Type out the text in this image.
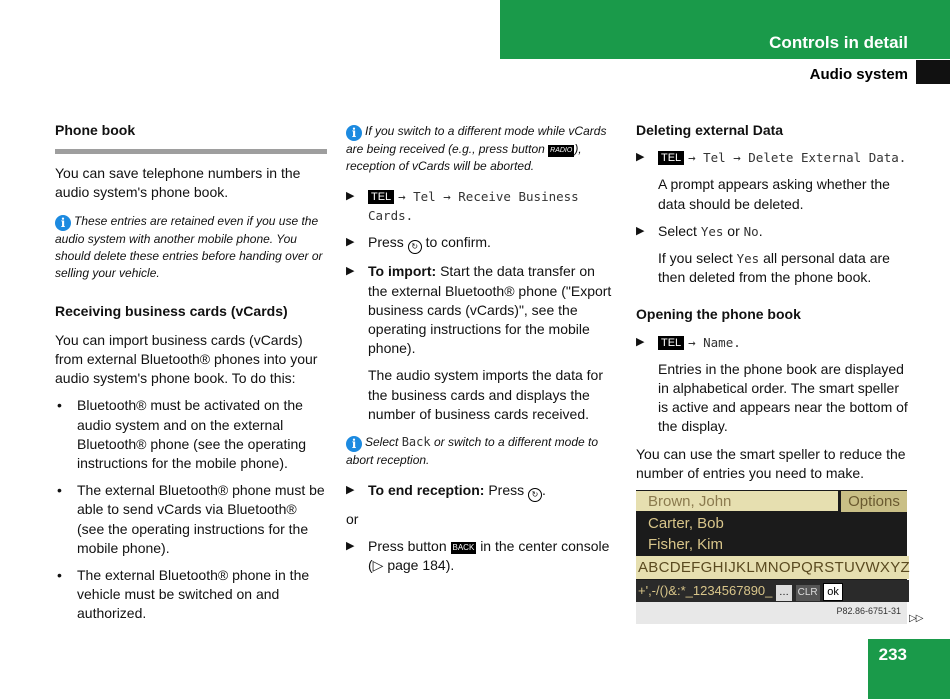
Controls in detail
Audio system

Phone book

You can save telephone numbers in the audio system's phone book.

i These entries are retained even if you use the audio system with another mobile phone. You should delete these entries before handing over or selling your vehicle.

Receiving business cards (vCards)

You can import business cards (vCards) from external Bluetooth® phones into your audio system's phone book. To do this:

• Bluetooth® must be activated on the audio system and on the external Bluetooth® phone (see the operating instructions for the mobile phone).

• The external Bluetooth® phone must be able to send vCards via Bluetooth® (see the operating instructions for the mobile phone).

• The external Bluetooth® phone in the vehicle must be switched on and authorized.

i If you switch to a different mode while vCards are being received (e.g., press button RADIO ), reception of vCards will be aborted.

▶ TEL → Tel → Receive Business Cards.

▶ Press ↻ to confirm.

▶ To import: Start the data transfer on the external Bluetooth® phone ("Export business cards (vCards)", see the operating instructions for the mobile phone).

The audio system imports the data for the business cards and displays the number of business cards received.

i Select Back or switch to a different mode to abort reception.

▶ To end reception: Press ↻ .

or

▶ Press button BACK in the center console (▷ page 184).

Deleting external Data

▶ TEL → Tel → Delete External Data.

A prompt appears asking whether the data should be deleted.

▶ Select Yes or No.

If you select Yes all personal data are then deleted from the phone book.

Opening the phone book

▶ TEL → Name.

Entries in the phone book are displayed in alphabetical order. The smart speller is active and appears near the bottom of the display.

You can use the smart speller to reduce the number of entries you need to make.

Brown, John	Options
Carter, Bob
Fisher, Kim
ABCDEFGHIJKLMNOPQRSTUVWXYZ
+',-/()&:*_1234567890_ … CLR ok
P82.86-6751-31
▷▷
233
